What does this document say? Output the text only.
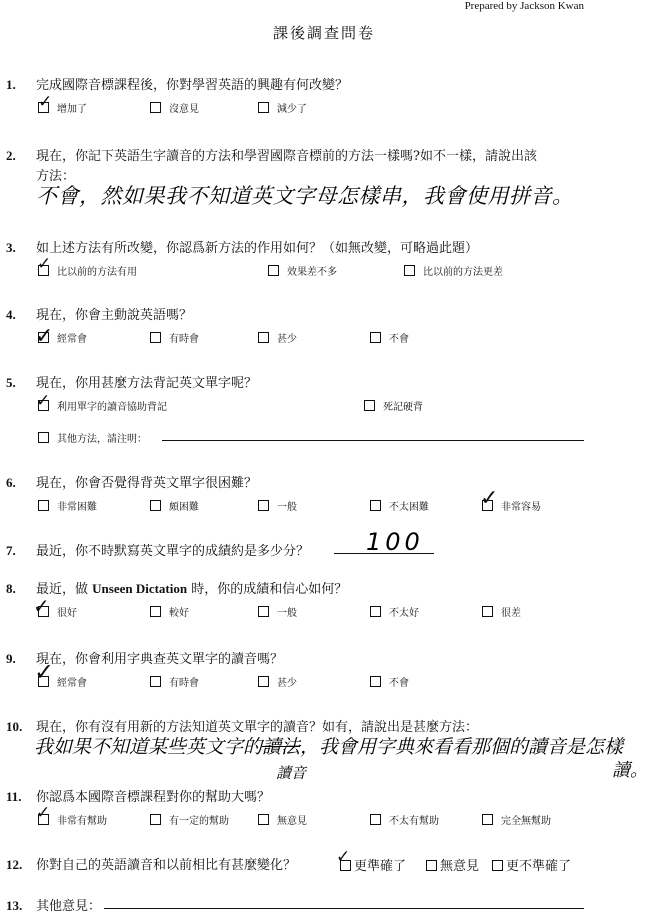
Prepared by Jackson Kwan
課後調查問卷
1. 完成國際音標課程後，你對學習英語的興趣有何改變？
增加了	沒意見	減少了
✓
2. 現在，你記下英語生字讀音的方法和學習國際音標前的方法一樣嗎?如不一樣，請說出該
方法：
不會，然如果我不知道英文字母怎樣串，我會使用拼音。
3. 如上述方法有所改變，你認爲新方法的作用如何？（如無改變，可略過此題）
比以前的方法有用	效果差不多	比以前的方法更差
✓
4. 現在，你會主動說英語嗎？
經常會	有時會	甚少	不會
✓
5. 現在，你用甚麼方法背記英文單字呢？
利用單字的讀音協助背記	死記硬背
其他方法，請注明：
✓
6. 現在，你會否覺得背英文單字很困難？
非常困難	頗困難	一般	不太困難	非常容易
✓
7. 最近，你不時默寫英文單字的成績約是多少分？ 100
8. 最近，做 Unseen Dictation 時，你的成績和信心如何？
很好	較好	一般	不太好	很差
✓
9. 現在，你會利用字典查英文單字的讀音嗎？
經常會	有時會	甚少	不會
✓
10. 現在，你有沒有用新的方法知道英文單字的讀音？如有，請說出是甚麼方法：
我如果不知道某些英文字的讀法，我會用字典來看看那個的讀音是怎樣
讀音	讀。
11. 你認爲本國際音標課程對你的幫助大嗎？
非常有幫助	有一定的幫助	無意見	不太有幫助	完全無幫助
✓
12. 你對自己的英語讀音和以前相比有甚麼變化？	更準確了	無意見	更不準確了
✓
13. 其他意見：
